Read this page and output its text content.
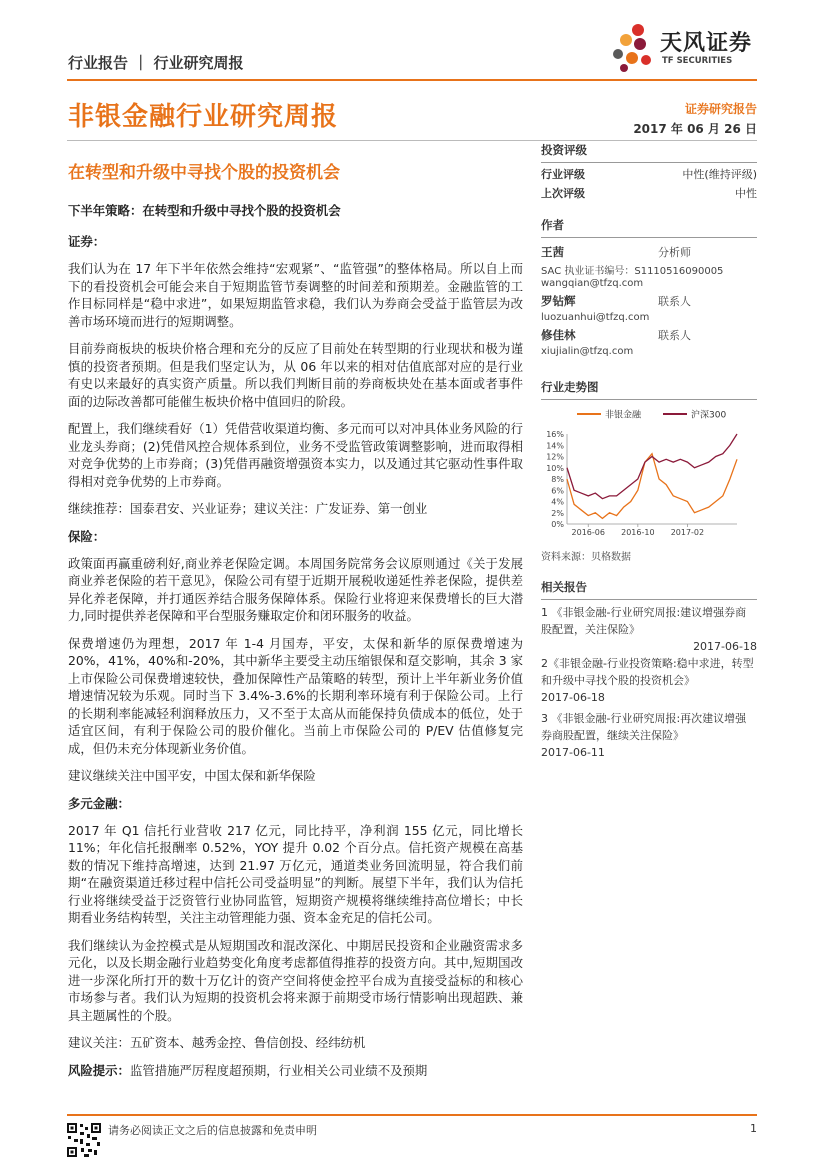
行业报告 ｜ 行业研究周报
天风证券
TF SECURITIES
非银金融行业研究周报	证券研究报告
2017 年 06 月 26 日
在转型和升级中寻找个股的投资机会
下半年策略：在转型和升级中寻找个股的投资机会
证券：

我们认为在 17 年下半年依然会维持“宏观紧”、“监管强”的整体格局。所以自上而下的看投资机会可能会来自于短期监管节奏调整的时间差和预期差。金融监管的工作目标同样是“稳中求进”，如果短期监管求稳，我们认为券商会受益于监管层为改善市场环境而进行的短期调整。

目前券商板块的板块价格合理和充分的反应了目前处在转型期的行业现状和极为谨慎的投资者预期。但是我们坚定认为，从 06 年以来的相对估值底部对应的是行业有史以来最好的真实资产质量。所以我们判断目前的券商板块处在基本面或者事件面的边际改善都可能催生板块价格中值回归的阶段。

配置上，我们继续看好（1）凭借营收渠道均衡、多元而可以对冲具体业务风险的行业龙头券商；(2)凭借风控合规体系到位，业务不受监管政策调整影响，进而取得相对竞争优势的上市券商；(3)凭借再融资增强资本实力，以及通过其它驱动性事件取得相对竞争优势的上市券商。

继续推荐：国泰君安、兴业证券；建议关注：广发证券、第一创业

保险：

政策面再赢重磅利好,商业养老保险定调。本周国务院常务会议原则通过《关于发展商业养老保险的若干意见》，保险公司有望于近期开展税收递延性养老保险，提供差异化养老保障，并打通医养结合服务保障体系。保险行业将迎来保费增长的巨大潜力,同时提供养老保障和平台型服务赚取定价和闭环服务的收益。

保费增速仍为理想，2017 年 1-4 月国寿，平安，太保和新华的原保费增速为 20%，41%，40%和-20%，其中新华主要受主动压缩银保和趸交影响，其余 3 家上市保险公司保费增速较快，叠加保障性产品策略的转型，预计上半年新业务价值增速情况较为乐观。同时当下 3.4%-3.6%的长期利率环境有利于保险公司。上行的长期利率能减轻利润释放压力，又不至于太高从而能保持负债成本的低位，处于适宜区间，有利于保险公司的股价催化。当前上市保险公司的 P/EV 估值修复完成，但仍未充分体现新业务价值。

建议继续关注中国平安，中国太保和新华保险

多元金融：

2017 年 Q1 信托行业营收 217 亿元，同比持平，净利润 155 亿元，同比增长 11%；年化信托报酬率 0.52%，YOY 提升 0.02 个百分点。信托资产规模在高基数的情况下维持高增速，达到 21.97 万亿元，通道类业务回流明显，符合我们前期“在融资渠道迁移过程中信托公司受益明显”的判断。展望下半年，我们认为信托行业将继续受益于泛资管行业协同监管，短期资产规模将继续维持高位增长；中长期看业务结构转型，关注主动管理能力强、资本金充足的信托公司。

我们继续认为金控模式是从短期国改和混改深化、中期居民投资和企业融资需求多元化，以及长期金融行业趋势变化角度考虑都值得推荐的投资方向。其中,短期国改进一步深化所打开的数十万亿计的资产空间将使金控平台成为直接受益标的和核心市场参与者。我们认为短期的投资机会将来源于前期受市场行情影响出现超跌、兼具主题属性的个股。

建议关注：五矿资本、越秀金控、鲁信创投、经纬纺机

风险提示：监管措施严厉程度超预期，行业相关公司业绩不及预期

投资评级
行业评级	中性(维持评级)
上次评级	中性
作者
王茜	分析师
SAC 执业证书编号：S1110516090005
wangqian@tfzq.com
罗钻辉	联系人
luozuanhui@tfzq.com
修佳林	联系人
xiujialin@tfzq.com
行业走势图
0%
2%
4%
6%
8%
10%
12%
14%
16%
2016-06 2016-10 2017-02
非银金融	沪深300
资料来源：贝格数据
相关报告
1 《非银金融-行业研究周报:建议增强券商股配置，关注保险》
2017-06-18
2《非银金融-行业投资策略:稳中求进，转型和升级中寻找个股的投资机会》
2017-06-18
3 《非银金融-行业研究周报:再次建议增强券商股配置，继续关注保险》
2017-06-11
请务必阅读正文之后的信息披露和免责申明	1
